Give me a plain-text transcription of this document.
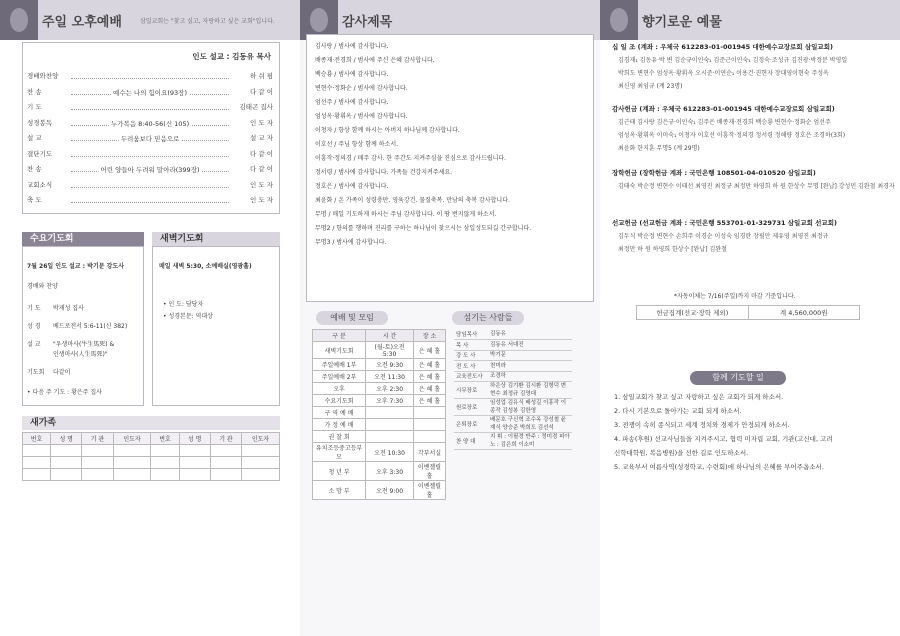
주일 오후예배	삼일교회는 "찾고 싶고, 자랑하고 싶은 교회"입니다.
인도 설교 : 김동유 목사
경배와찬양	하 쉬 핌
찬 송	예수는 나의 힘이요(93장)	다 같 이
기 도	김태곤 집사
성경봉독	누가복음 8:40-56(신 105)	인 도 자
설 교	두려움보다 믿음으로	설 교 자
결단기도	다 같 이
찬 송	어린 양들아 두려워 말아라(399장)	다 같 이
교회소식	인 도 자
축 도	인 도 자
수요기도회	새벽기도회
7월 26일 인도 설교 : 박기문 강도사
경배와 찬양
기 도 박재성 집사
성 경 베드로전서 5:6-11(신 382)
설 교 "우생마사(牛生馬死) &
인생마사(人生馬死)"
기도회 다같이
• 다음 주 기도 : 황은주 집사
매일 새벽 5:30, 소예배실(영광홀)
• 인 도: 담당자
• 성경본문: 역대상
새가족
번호	성 명	기 관	인도자	번호	성 명	기 관	인도자

감사제목
김사랑 / 범사에 감사합니다.
배종재·전경희 / 범사에 주신 은혜 감사합니다.
백승룡 / 범사에 감사합니다.
변현수·정화순 / 범사에 감사합니다.
엄선주 / 범사에 감사합니다.
엄성옥·황휘옥 / 범사에 감사합니다.
이청자 / 항상 함께 하시는 아버지 하나님께 감사합니다.
이호선 / 주님 항상 함께 하소서.
이흥작·정의경 / 매주 감사. 한 주간도 지켜주심을 진심으로 감사드립니다.
정서령 / 범사에 감사합니다. 가족들 건강지켜주세요.
정호은 / 범사에 감사합니다.
최윤화 / 온 가족이 성령충만. 영육강건. 물질축복. 만남의 축복 감사합니다.
무명 / 매일 기도하게 하시는 주님 감사합니다. 이 땅 번지않게 하소서.
무명2 / 항의를 행하며 진리를 구하는 하나님이 찾으시는 삼일성도되길 간구합니다.
무명3 / 범사에 감사합니다.
예배 및 모임	섬기는 사람들
구 분	시 간	장 소
새벽기도회	(월-토)오전 5:30	은 혜 홀
주일예배 1부	오전 9:30	은 혜 홀
주일예배 2부	오전 11:30	은 혜 홀
오후	오후 2:30	은 혜 홀
수요기도회	오후 7:30	은 혜 홀
구 역 예 배		
가 정 예 배		
권 찰 회		
유치조등중고등부모	오전 10:30	각부서실
청 년 부	오후 3:30	이벤젤릴홀
소 망 부	오전 9:00	이벤젤릴홀
담임목사	김동유
목 사	김동유 서대진
강 도 사	박기문
전 도 사	천미라
교육전도사	조경하
시무장로	하은상 김기환 김시환 김형덕 변현수 최정규 김영대
원로장로	임성업 김유식 배성길 이흥작 이종작 김성봉 김한영
은퇴장로	배문호 구신혁 조수옥 강성철 윤재식 양승준 박희도 김선석
찬 양 대	지 휘 : 이필경 반주 : 정미경 피아노 : 김은희 이소미
향기로운 예물
십 일 조 (계좌 : 우체국 612283-01-001945 대한예수교장로회 삼일교회)
김경재₁ 김동유·박 변 김순규이인숙₁ 김준근이인숙₁ 김정숙·조성규 김진광·박정분 박영일
박희도 변현수 엄성옥·황휘옥 오시준·이연순₁ 이용건·진현자 장대영이현숙 주성옥
최신영 최임규 (계 23명)
감사헌금 (계좌 : 우체국 612283-01-001945 대한예수교장로회 삼일교회)
김근태 김사랑 김은규·이인숙₁ 김주은 배종재·전경희 백승룡 변현수·정화순 엄선주
엄성옥·황휘옥 이미숙₁ 이청자 이호선 이흥작·정의경 정서령 정해량 정호은 조경하(3회)
최윤화 한지훈 무명5 (계 29명)
장학헌금 (장학헌금 계좌 : 국민은행 108501-04-010520 삼일교회)
김태숙 박순정 변현수 이태선 최영진 최정규 최정만 하영희 하 원 한상수 무명 [완납] 강성민 김완철 최경자
선교헌금 (선교헌금 계좌 : 국민은행 553701-01-329731 삼일교회 선교회)
김두식 박순정 변현수 손희주 이경순 이성숙 임경란 장필안 제유영 최영진 최정규
최정만 하 원 하영희 한상수 [완납] 김완철
*자동이체는 7/16(주일)까지 마감 기준입니다.
헌금집계(선교·장학 제외)	계 4,560,000원
함께 기도할 일
1. 삼일교회가 찾고 싶고 자랑하고 싶은 교회가 되게 하소서.
2. 다시 기본으로 돌아가는 교회 되게 하소서.
3. 전쟁이 속히 종식되고 세계 정치와 경제가 안정되게 하소서.
4. 파송(후원) 선교사님들을 지켜주시고, 협력 미자립 교회, 기관(고신대, 고려
신학대학원, 복음병원)을 선한 길로 인도하소서.
5. 교육부서 여름사역(성경학교, 수련회)에 하나님의 은혜를 부어주옵소서.
